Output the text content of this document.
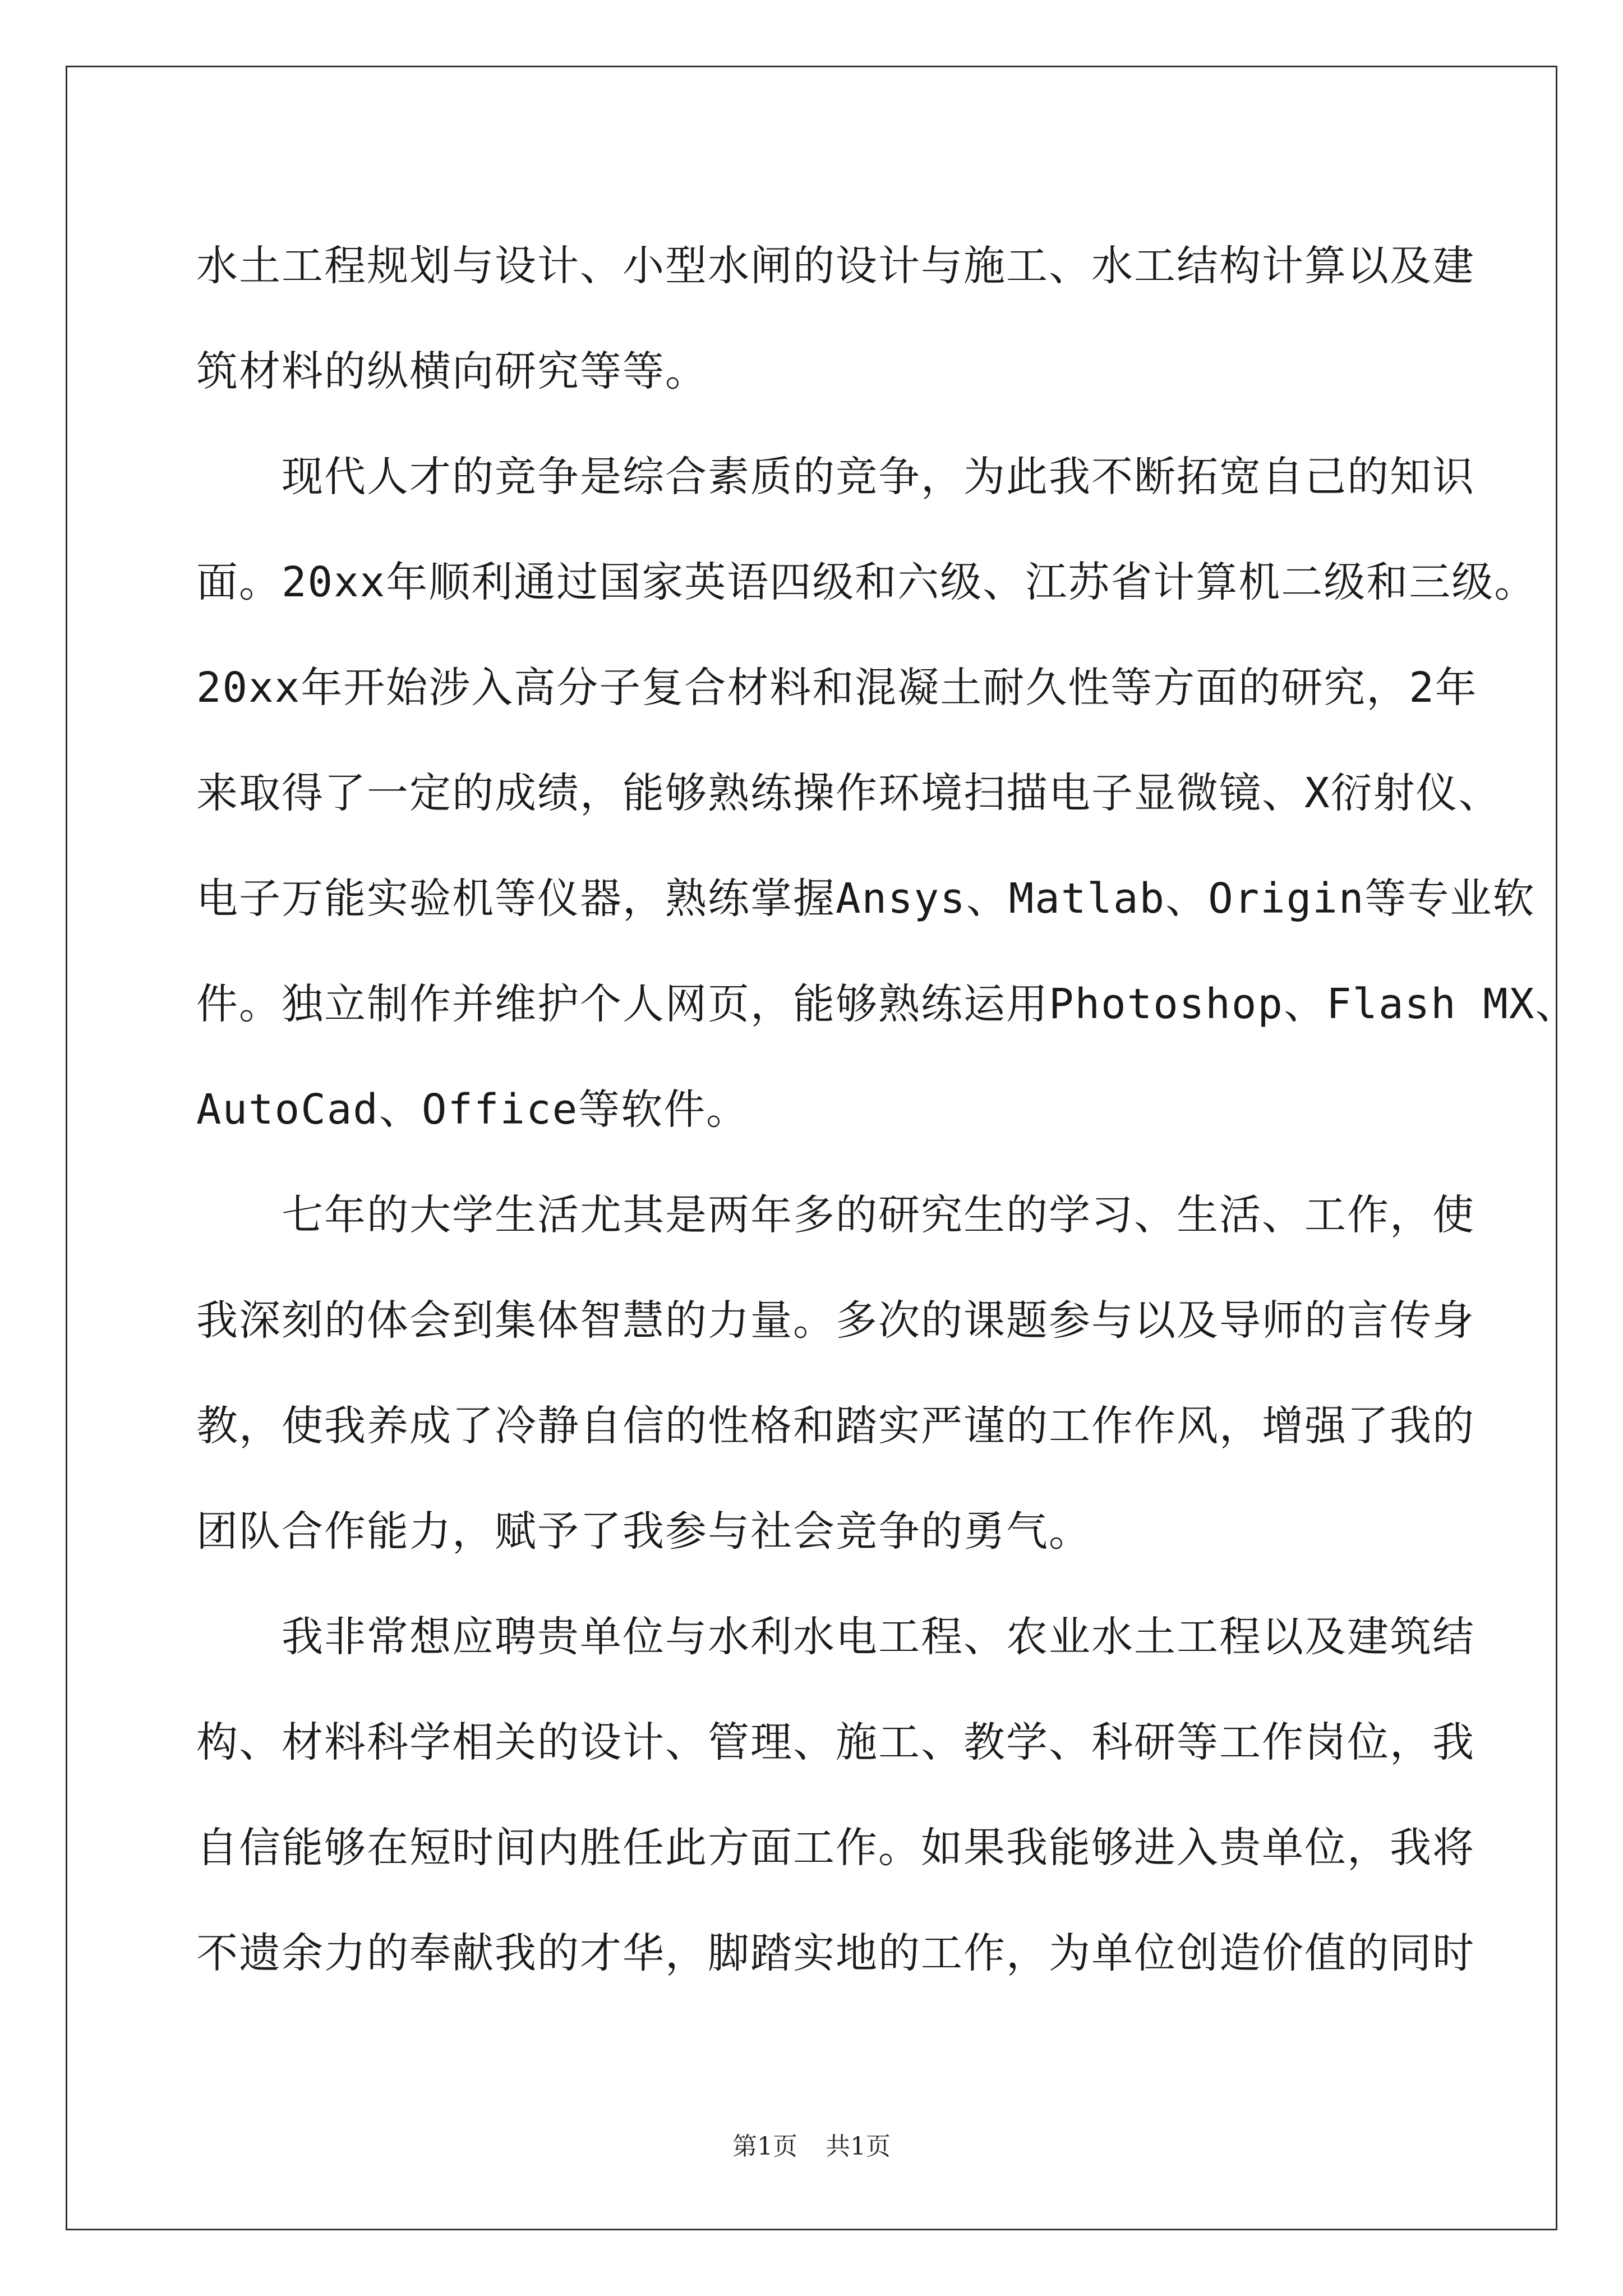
水土工程规划与设计、小型水闸的设计与施工、水工结构计算以及建
筑材料的纵横向研究等等。
　　现代人才的竞争是综合素质的竞争，为此我不断拓宽自己的知识
面。20xx年顺利通过国家英语四级和六级、江苏省计算机二级和三级。
20xx年开始涉入高分子复合材料和混凝土耐久性等方面的研究，2年
来取得了一定的成绩，能够熟练操作环境扫描电子显微镜、X衍射仪、
电子万能实验机等仪器，熟练掌握Ansys、Matlab、Origin等专业软
件。独立制作并维护个人网页，能够熟练运用Photoshop、Flash MX、
AutoCad、Office等软件。
　　七年的大学生活尤其是两年多的研究生的学习、生活、工作，使
我深刻的体会到集体智慧的力量。多次的课题参与以及导师的言传身
教，使我养成了冷静自信的性格和踏实严谨的工作作风，增强了我的
团队合作能力，赋予了我参与社会竞争的勇气。
　　我非常想应聘贵单位与水利水电工程、农业水土工程以及建筑结
构、材料科学相关的设计、管理、施工、教学、科研等工作岗位，我
自信能够在短时间内胜任此方面工作。如果我能够进入贵单位，我将
不遗余力的奉献我的才华，脚踏实地的工作，为单位创造价值的同时
第1页 共1页
